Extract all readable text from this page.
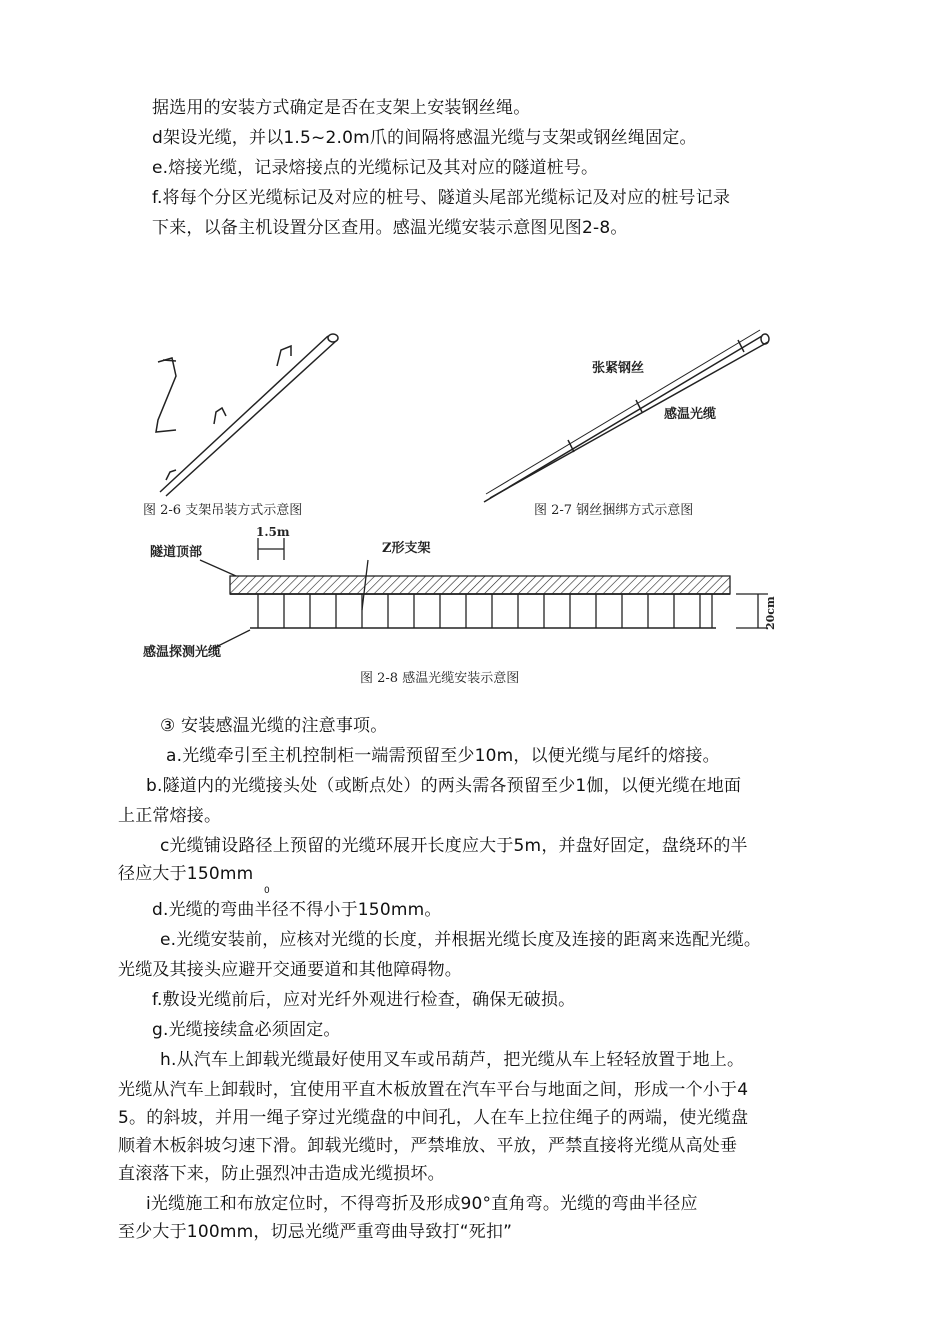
据选用的安装方式确定是否在支架上安装钢丝绳。
d架设光缆，并以1.5~2.0m爪的间隔将感温光缆与支架或钢丝绳固定。
e.熔接光缆，记录熔接点的光缆标记及其对应的隧道桩号。
f.将每个分区光缆标记及对应的桩号、隧道头尾部光缆标记及对应的桩号记录
下来，以备主机设置分区查用。感温光缆安装示意图见图2-8。
图 2-6 支架吊装方式示意图
张紧钢丝
感温光缆
图 2-7 钢丝捆绑方式示意图
隧道顶部
1.5m
Z形支架
感温探测光缆
20cm
图 2-8 感温光缆安装示意图
③ 安装感温光缆的注意事项。
a.光缆牵引至主机控制柜一端需预留至少10m，以便光缆与尾纤的熔接。
b.隧道内的光缆接头处（或断点处）的两头需各预留至少1伽，以便光缆在地面
上正常熔接。
c光缆铺设路径上预留的光缆环展开长度应大于5m，并盘好固定，盘绕环的半
径应大于150mm
0
d.光缆的弯曲半径不得小于150mm。
e.光缆安装前，应核对光缆的长度，并根据光缆长度及连接的距离来选配光缆。
光缆及其接头应避开交通要道和其他障碍物。
f.敷设光缆前后，应对光纤外观进行检查，确保无破损。
g.光缆接续盒必须固定。
h.从汽车上卸载光缆最好使用叉车或吊葫芦，把光缆从车上轻轻放置于地上。
光缆从汽车上卸载时，宜使用平直木板放置在汽车平台与地面之间，形成一个小于4
5。的斜坡，并用一绳子穿过光缆盘的中间孔，人在车上拉住绳子的两端，使光缆盘
顺着木板斜坡匀速下滑。卸载光缆时，严禁堆放、平放，严禁直接将光缆从高处垂
直滚落下来，防止强烈冲击造成光缆损坏。
i光缆施工和布放定位时，不得弯折及形成90°直角弯。光缆的弯曲半径应
至少大于100mm，切忌光缆严重弯曲导致打“死扣”
